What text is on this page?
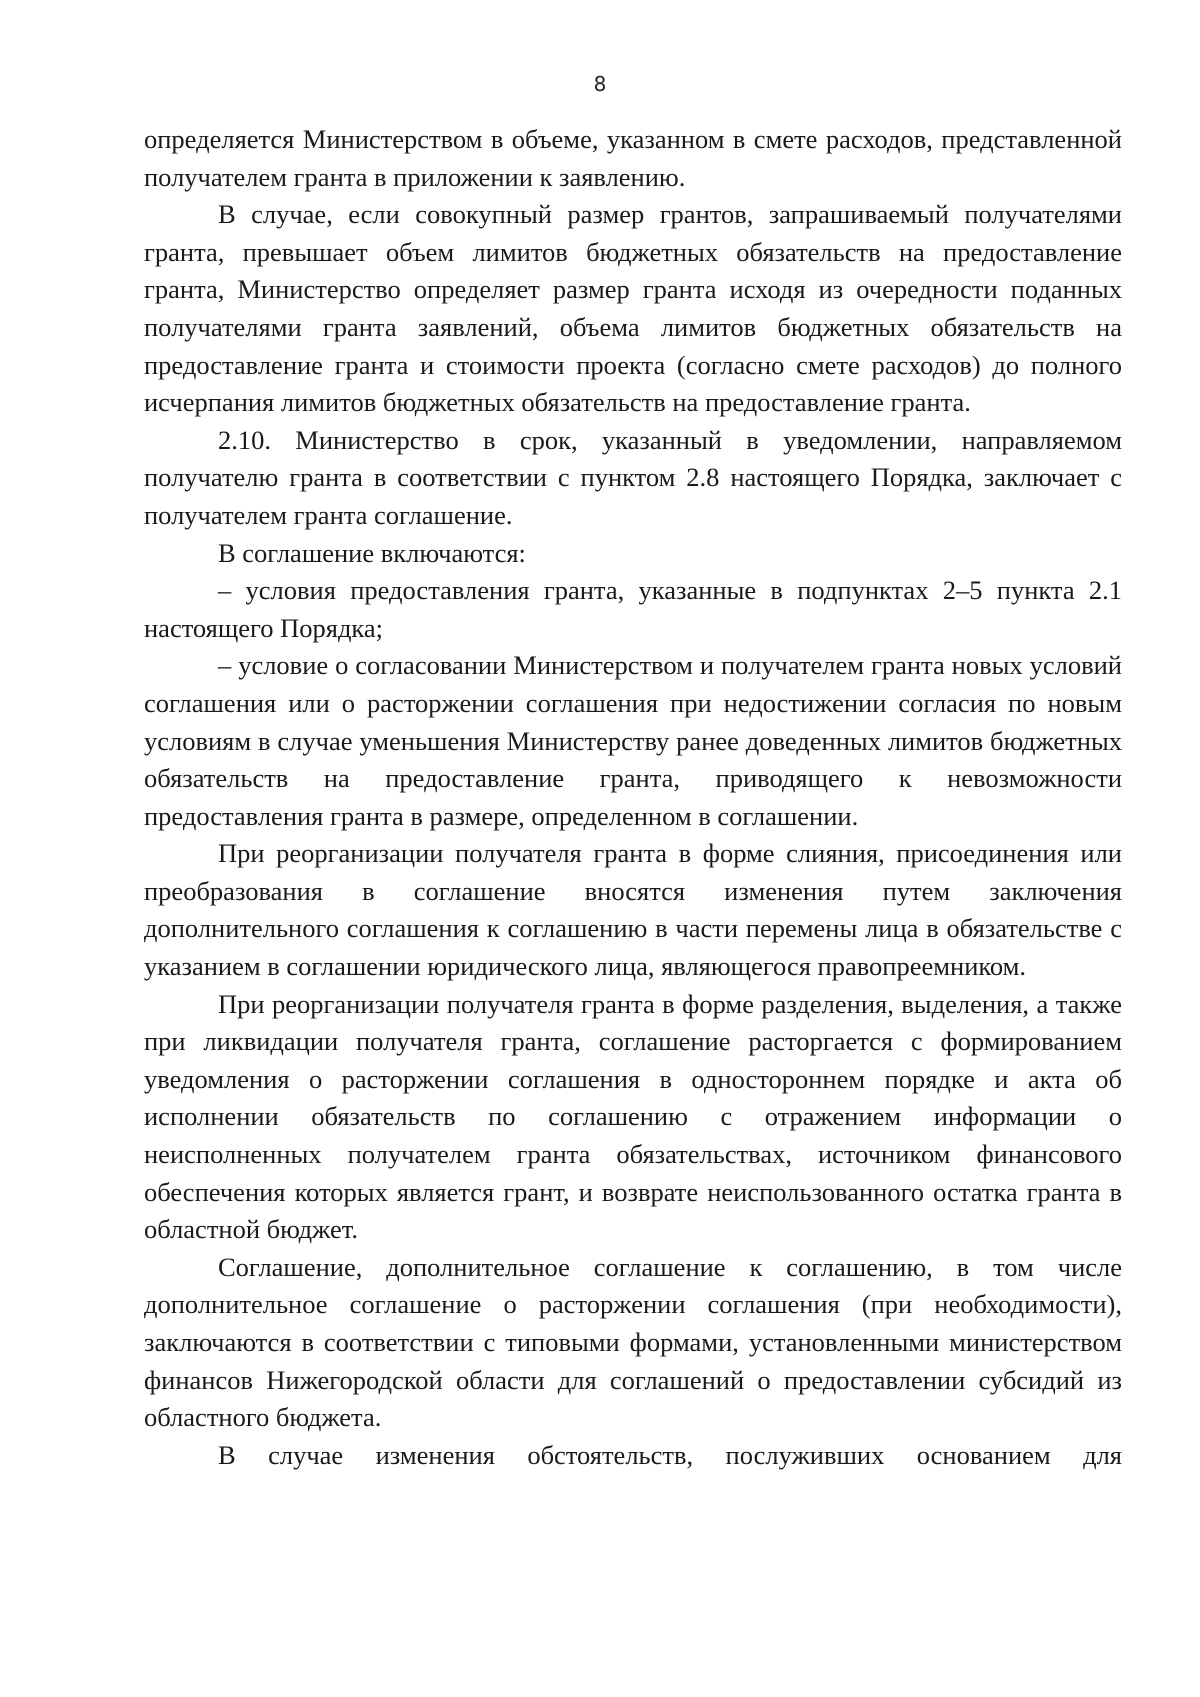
8

определяется Министерством в объеме, указанном в смете расходов, представленной получателем гранта в приложении к заявлению.

В случае, если совокупный размер грантов, запрашиваемый получателями гранта, превышает объем лимитов бюджетных обязательств на предоставление гранта, Министерство определяет размер гранта исходя из очередности поданных получателями гранта заявлений, объема лимитов бюджетных обязательств на предоставление гранта и стоимости проекта (согласно смете расходов) до полного исчерпания лимитов бюджетных обязательств на предоставление гранта.

2.10. Министерство в срок, указанный в уведомлении, направляемом получателю гранта в соответствии с пунктом 2.8 настоящего Порядка, заключает с получателем гранта соглашение.

В соглашение включаются:

– условия предоставления гранта, указанные в подпунктах 2–5 пункта 2.1 настоящего Порядка;

– условие о согласовании Министерством и получателем гранта новых условий соглашения или о расторжении соглашения при недостижении согласия по новым условиям в случае уменьшения Министерству ранее доведенных лимитов бюджетных обязательств на предоставление гранта, приводящего к невозможности предоставления гранта в размере, определенном в соглашении.

При реорганизации получателя гранта в форме слияния, присоединения или преобразования в соглашение вносятся изменения путем заключения дополнительного соглашения к соглашению в части перемены лица в обязательстве с указанием в соглашении юридического лица, являющегося правопреемником.

При реорганизации получателя гранта в форме разделения, выделения, а также при ликвидации получателя гранта, соглашение расторгается с формированием уведомления о расторжении соглашения в одностороннем порядке и акта об исполнении обязательств по соглашению с отражением информации о неисполненных получателем гранта обязательствах, источником финансового обеспечения которых является грант, и возврате неиспользованного остатка гранта в областной бюджет.

Соглашение, дополнительное соглашение к соглашению, в том числе дополнительное соглашение о расторжении соглашения (при необходимости), заключаются в соответствии с типовыми формами, установленными министерством финансов Нижегородской области для соглашений о предоставлении субсидий из областного бюджета.

В случае изменения обстоятельств, послуживших основанием для
